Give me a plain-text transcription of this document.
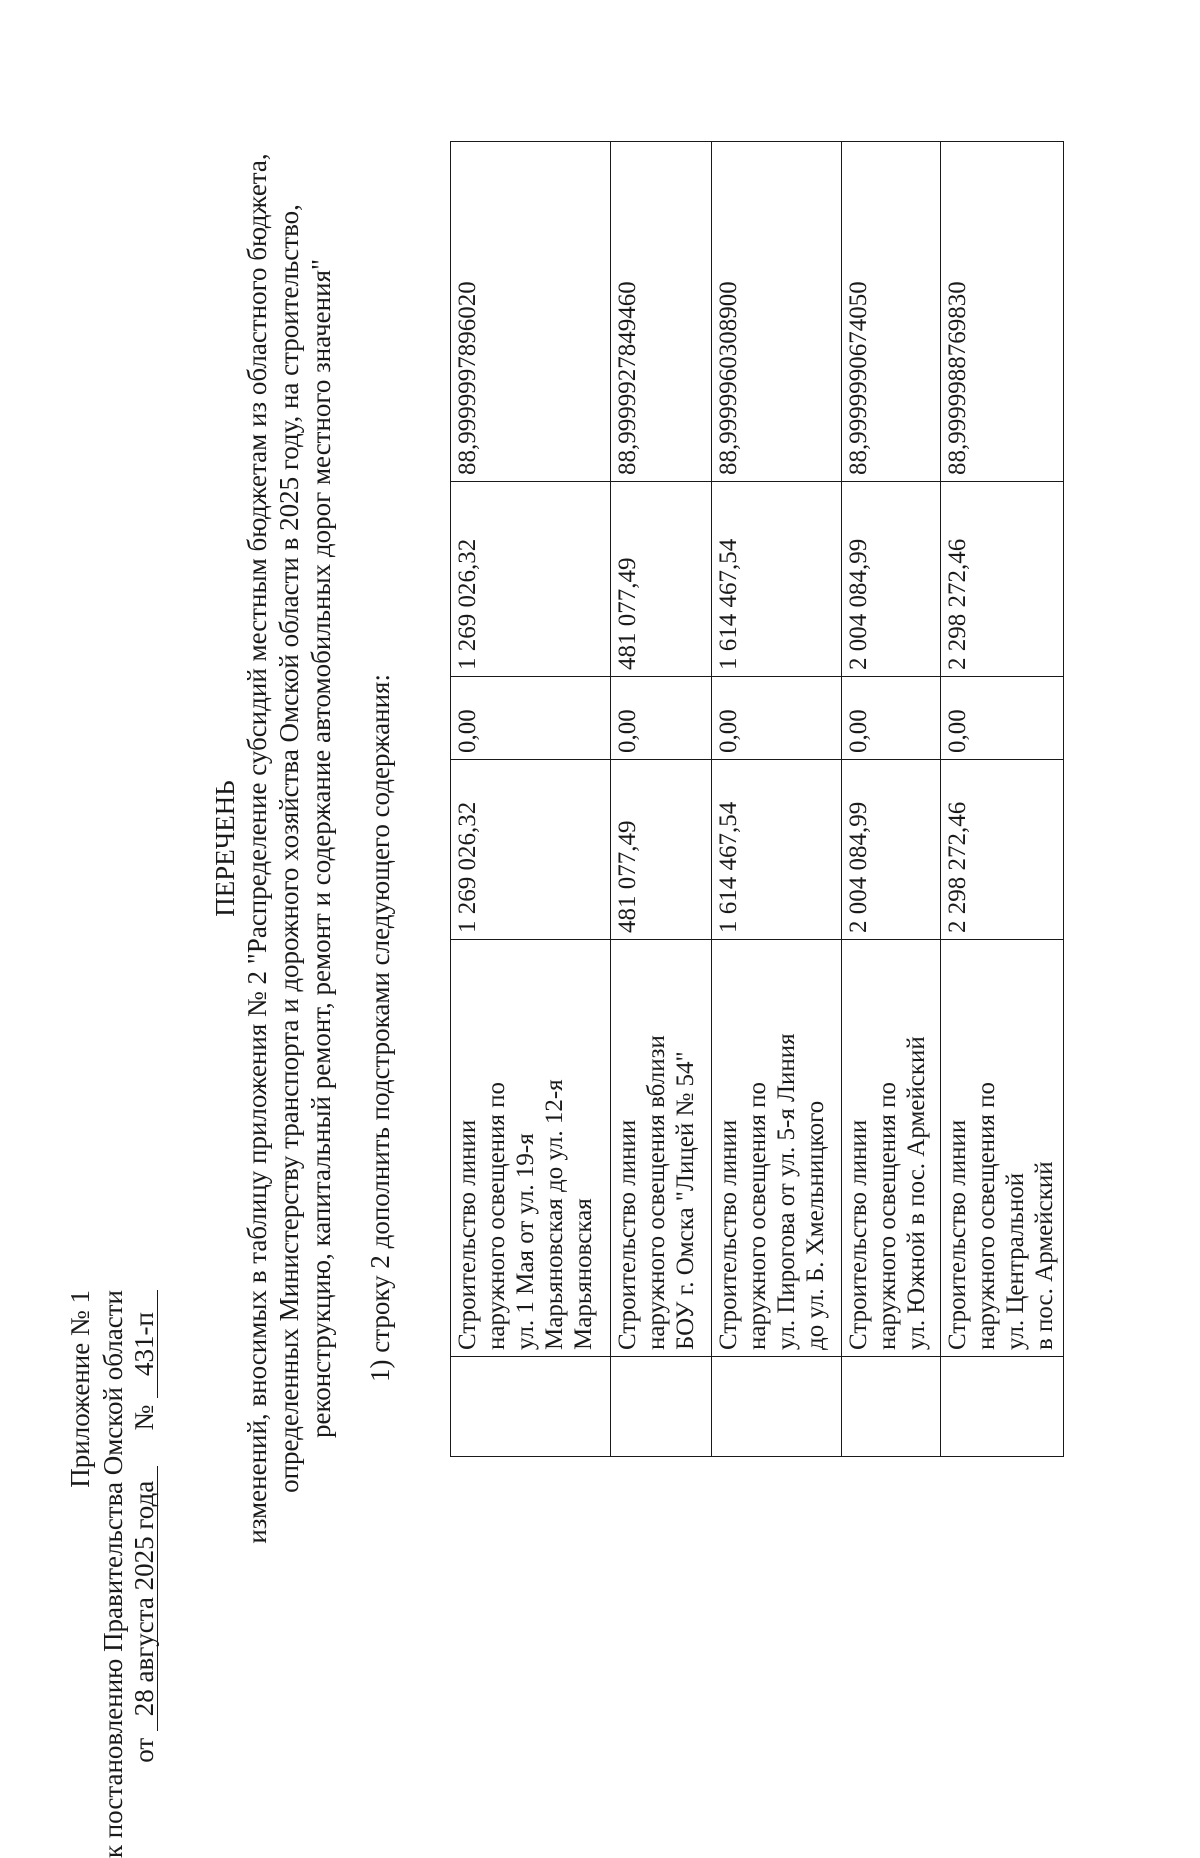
Приложение № 1 к постановлению Правительства Омской области от 28 августа 2025 года  № 431-п
ПЕРЕЧЕНЬ изменений, вносимых в таблицу приложения № 2 "Распределение субсидий местным бюджетам из областного бюджета, определенных Министерству транспорта и дорожного хозяйства Омской области в 2025 году, на строительство, реконструкцию, капитальный ремонт, ремонт и содержание автомобильных дорог местного значения" 1) строку 2 дополнить подстроками следующего содержания:

	Строительство линии наружного освещения по ул. 1 Мая от ул. 19-я Марьяновская до ул. 12-я Марьяновская	1 269 026,32	0,00	1 269 026,32	88,9999997896020

	Строительство линии наружного освещения вблизи БОУ г. Омска "Лицей № 54"	481 077,49	0,00	481 077,49	88,9999927849460

	Строительство линии наружного освещения по ул. Пирогова от ул. 5-я Линия до ул. Б. Хмельницкого	1 614 467,54	0,00	1 614 467,54	88,9999960308900

	Строительство линии наружного освещения по ул. Южной в пос. Армейский	2 004 084,99	0,00	2 004 084,99	88,9999990674050

	Строительство линии наружного освещения по ул. Центральной в пос. Армейский	2 298 272,46	0,00	2 298 272,46	88,9999988769830
